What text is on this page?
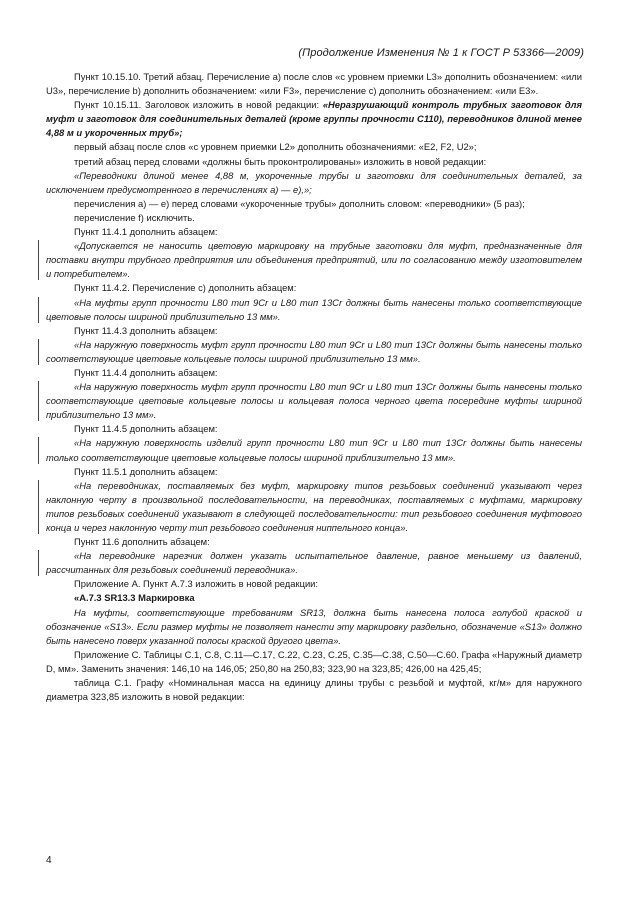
(Продолжение Изменения № 1 к ГОСТ Р 53366—2009)

Пункт 10.15.10. Третий абзац. Перечисление а) после слов «с уровнем приемки L3» дополнить обозначением: «или U3», перечисление b) дополнить обозначением: «или F3», перечисление с) дополнить обозначением: «или E3».

Пункт 10.15.11. Заголовок изложить в новой редакции: «Неразрушающий контроль трубных заготовок для муфт и заготовок для соединительных деталей (кроме группы прочности С110), переводников длиной менее 4,88 м и укороченных труб»;

первый абзац после слов «с уровнем приемки L2» дополнить обозначениями: «E2, F2, U2»;

третий абзац перед словами «должны быть проконтролированы» изложить в новой редакции:

«Переводники длиной менее 4,88 м, укороченные трубы и заготовки для соединительных деталей, за исключением предусмотренного в перечислениях а) — е),»;

перечисления а) — е) перед словами «укороченные трубы» дополнить словом: «переводники» (5 раз);

перечисление f) исключить.

Пункт 11.4.1 дополнить абзацем:

«Допускается не наносить цветовую маркировку на трубные заготовки для муфт, предназначенные для поставки внутри трубного предприятия или объединения предприятий, или по согласованию между изготовителем и потребителем».

Пункт 11.4.2. Перечисление с) дополнить абзацем:

«На муфты групп прочности L80 тип 9Cr и L80 тип 13Cr должны быть нанесены только соответствующие цветовые полосы шириной приблизительно 13 мм».

Пункт 11.4.3 дополнить абзацем:

«На наружную поверхность муфт групп прочности L80 тип 9Cr и L80 тип 13Cr должны быть нанесены только соответствующие цветовые кольцевые полосы шириной приблизительно 13 мм».

Пункт 11.4.4 дополнить абзацем:

«На наружную поверхность муфт групп прочности L80 тип 9Cr и L80 тип 13Cr должны быть нанесены только соответствующие цветовые кольцевые полосы и кольцевая полоса черного цвета посередине муфты шириной приблизительно 13 мм».

Пункт 11.4.5 дополнить абзацем:

«На наружную поверхность изделий групп прочности L80 тип 9Cr и L80 тип 13Cr должны быть нанесены только соответствующие цветовые кольцевые полосы шириной приблизительно 13 мм».

Пункт 11.5.1 дополнить абзацем:

«На переводниках, поставляемых без муфт, маркировку типов резьбовых соединений указывают через наклонную черту в произвольной последовательности, на переводниках, поставляемых с муфтами, маркировку типов резьбовых соединений указывают в следующей последовательности: тип резьбового соединения муфтового конца и через наклонную черту тип резьбового соединения ниппельного конца».

Пункт 11.6 дополнить абзацем:

«На переводнике нарезчик должен указать испытательное давление, равное меньшему из давлений, рассчитанных для резьбовых соединений переводника».

Приложение А. Пункт А.7.3 изложить в новой редакции:

«А.7.3 SR13.3 Маркировка

На муфты, соответствующие требованиям SR13, должна быть нанесена полоса голубой краской и обозначение «S13». Если размер муфты не позволяет нанести эту маркировку раздельно, обозначение «S13» должно быть нанесено поверх указанной полосы краской другого цвета».

Приложение С. Таблицы С.1, С.8, С.11—С.17, С.22, С.23, С.25, С.35—С.38, С.50—С.60. Графа «Наружный диаметр D, мм». Заменить значения: 146,10 на 146,05; 250,80 на 250,83; 323,90 на 323,85; 426,00 на 425,45;

таблица С.1. Графу «Номинальная масса на единицу длины трубы с резьбой и муфтой, кг/м» для наружного диаметра 323,85 изложить в новой редакции:

4
